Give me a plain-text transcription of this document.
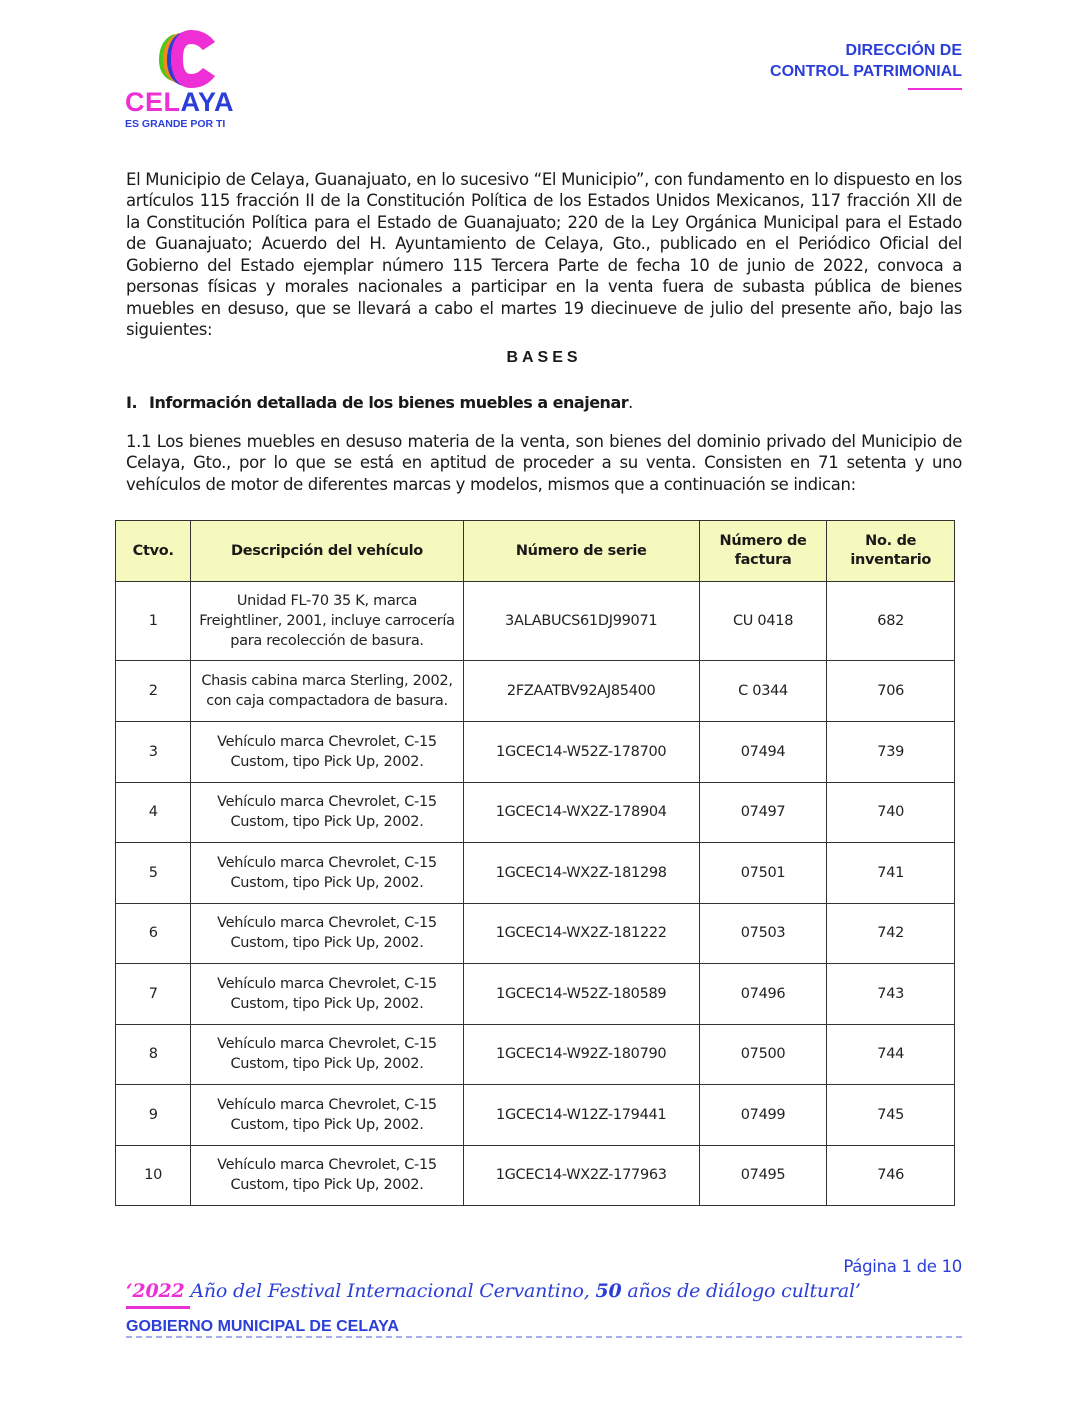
CELAYA
ES GRANDE POR TI
DIRECCIÓN DE
CONTROL PATRIMONIAL

El Municipio de Celaya, Guanajuato, en lo sucesivo “El Municipio”, con fundamento en lo dispuesto en los artículos 115 fracción II de la Constitución Política de los Estados Unidos Mexicanos, 117 fracción XII de la Constitución Política para el Estado de Guanajuato; 220 de la Ley Orgánica Municipal para el Estado de Guanajuato; Acuerdo del H. Ayuntamiento de Celaya, Gto., publicado en el Periódico Oficial del Gobierno del Estado ejemplar número 115 Tercera Parte de fecha 10 de junio de 2022, convoca a personas físicas y morales nacionales a participar en la venta fuera de subasta pública de bienes muebles en desuso, que se llevará a cabo el martes 19 diecinueve de julio del presente año, bajo las siguientes:

BASES
I. Información detallada de los bienes muebles a enajenar.

1.1 Los bienes muebles en desuso materia de la venta, son bienes del dominio privado del Municipio de Celaya, Gto., por lo que se está en aptitud de proceder a su venta. Consisten en 71 setenta y uno vehículos de motor de diferentes marcas y modelos, mismos que a continuación se indican:

Ctvo.	Descripción del vehículo	Número de serie	Número de factura	No. de inventario
1	Unidad FL-70 35 K, marca Freightliner, 2001, incluye carrocería para recolección de basura.	3ALABUCS61DJ99071	CU 0418	682
2	Chasis cabina marca Sterling, 2002, con caja compactadora de basura.	2FZAATBV92AJ85400	C 0344	706
3	Vehículo marca Chevrolet, C-15 Custom, tipo Pick Up, 2002.	1GCEC14-W52Z-178700	07494	739
4	Vehículo marca Chevrolet, C-15 Custom, tipo Pick Up, 2002.	1GCEC14-WX2Z-178904	07497	740
5	Vehículo marca Chevrolet, C-15 Custom, tipo Pick Up, 2002.	1GCEC14-WX2Z-181298	07501	741
6	Vehículo marca Chevrolet, C-15 Custom, tipo Pick Up, 2002.	1GCEC14-WX2Z-181222	07503	742
7	Vehículo marca Chevrolet, C-15 Custom, tipo Pick Up, 2002.	1GCEC14-W52Z-180589	07496	743
8	Vehículo marca Chevrolet, C-15 Custom, tipo Pick Up, 2002.	1GCEC14-W92Z-180790	07500	744
9	Vehículo marca Chevrolet, C-15 Custom, tipo Pick Up, 2002.	1GCEC14-W12Z-179441	07499	745
10	Vehículo marca Chevrolet, C-15 Custom, tipo Pick Up, 2002.	1GCEC14-WX2Z-177963	07495	746
Página 1 de 10
‘2022 Año del Festival Internacional Cervantino, 50 años de diálogo cultural’
GOBIERNO MUNICIPAL DE CELAYA
